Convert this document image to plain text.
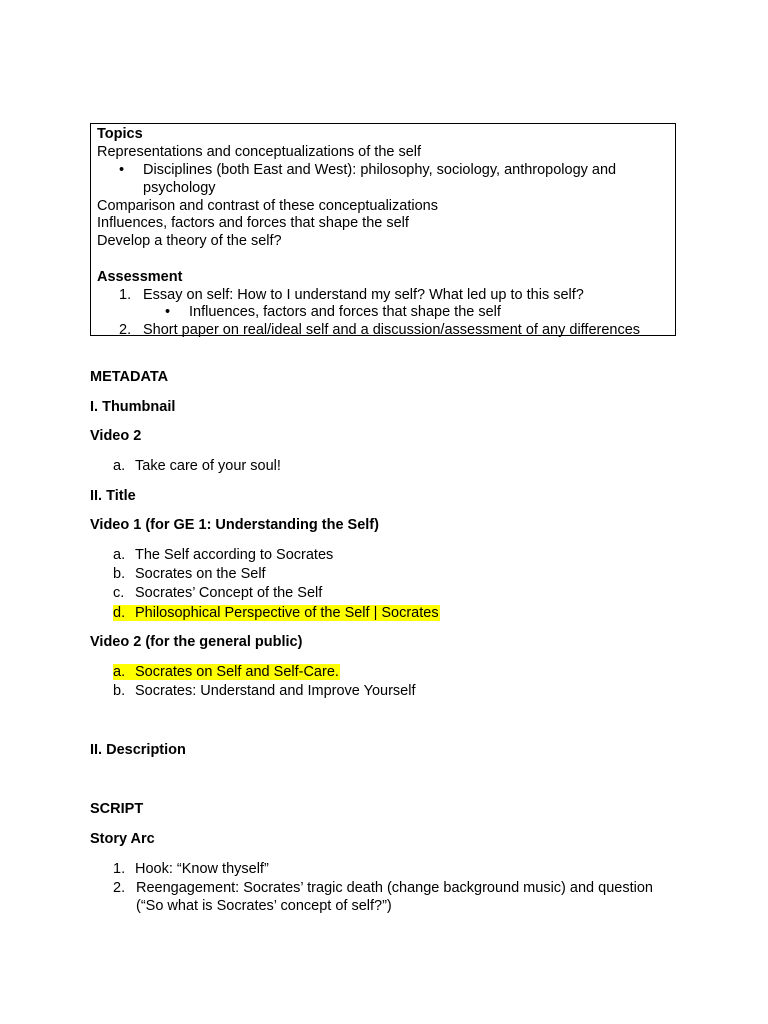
Topics
Representations and conceptualizations of the self
• Disciplines (both East and West): philosophy, sociology, anthropology and psychology
Comparison and contrast of these conceptualizations
Influences, factors and forces that shape the self
Develop a theory of the self?
Assessment
1. Essay on self: How to I understand my self? What led up to this self?
• Influences, factors and forces that shape the self
2. Short paper on real/ideal self and a discussion/assessment of any differences
METADATA
I. Thumbnail
Video 2
a. Take care of your soul!
II. Title
Video 1 (for GE 1: Understanding the Self)
a. The Self according to Socrates
b. Socrates on the Self
c. Socrates’ Concept of the Self
d. Philosophical Perspective of the Self | Socrates
Video 2 (for the general public)
a. Socrates on Self and Self-Care.
b. Socrates: Understand and Improve Yourself
II. Description
SCRIPT
Story Arc
1. Hook: “Know thyself”
2. Reengagement: Socrates’ tragic death (change background music) and question (“So what is Socrates’ concept of self?”)
